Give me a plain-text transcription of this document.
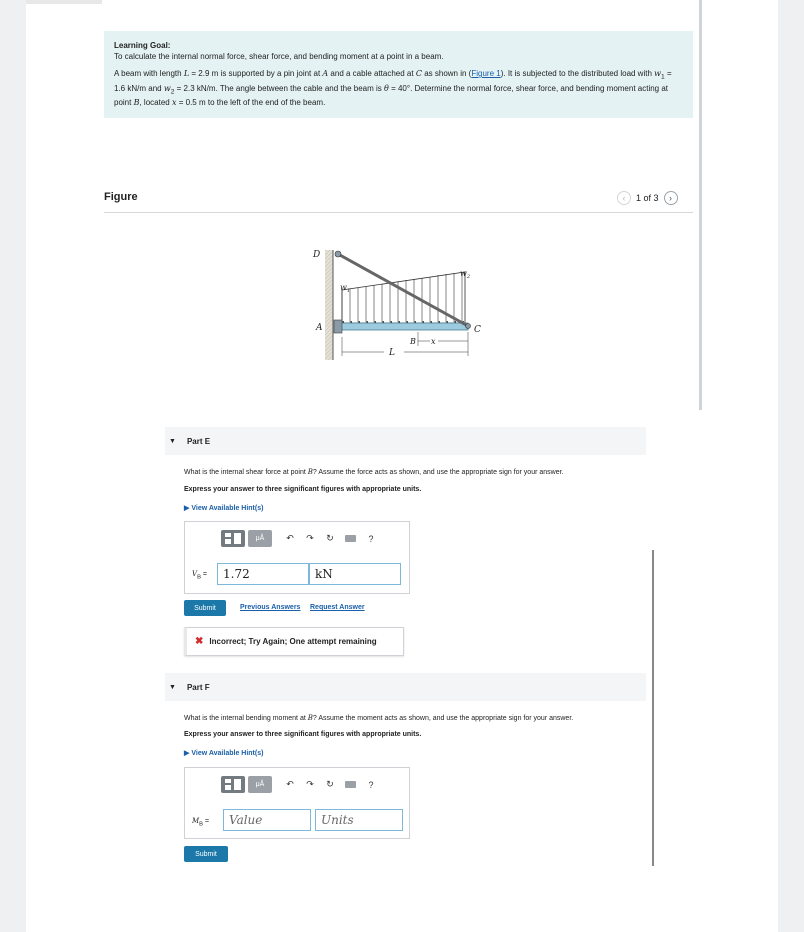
Learning Goal:

To calculate the internal normal force, shear force, and bending moment at a point in a beam.

A beam with length L = 2.9 m is supported by a pin joint at A and a cable attached at C as shown in (Figure 1). It is subjected to the distributed load with $w_1 = 1.6$ kN/m and $w_2 = 2.3$ kN/m. The angle between the cable and the beam is θ = 40°. Determine the normal force, shear force, and bending moment acting at point B, located x = 0.5 m to the left of the end of the beam.

Figure	‹	1 of 3	›
D
A	C
B x
L
$w_1$
$w_2$
▼ Part E
What is the internal shear force at point B? Assume the force acts as shown, and use the appropriate sign for your answer.
Express your answer to three significant figures with appropriate units.
▶ View Available Hint(s)
μÅ	↶ ↷ ↻	?
$V_B$ =	1.72	kN
Submit	Previous Answers Request Answer
✖ Incorrect; Try Again; One attempt remaining
▼ Part F
What is the internal bending moment at B? Assume the moment acts as shown, and use the appropriate sign for your answer.
Express your answer to three significant figures with appropriate units.
▶ View Available Hint(s)
μÅ	↶ ↷ ↻	?
$M_B$ =	Value	Units
Submit
